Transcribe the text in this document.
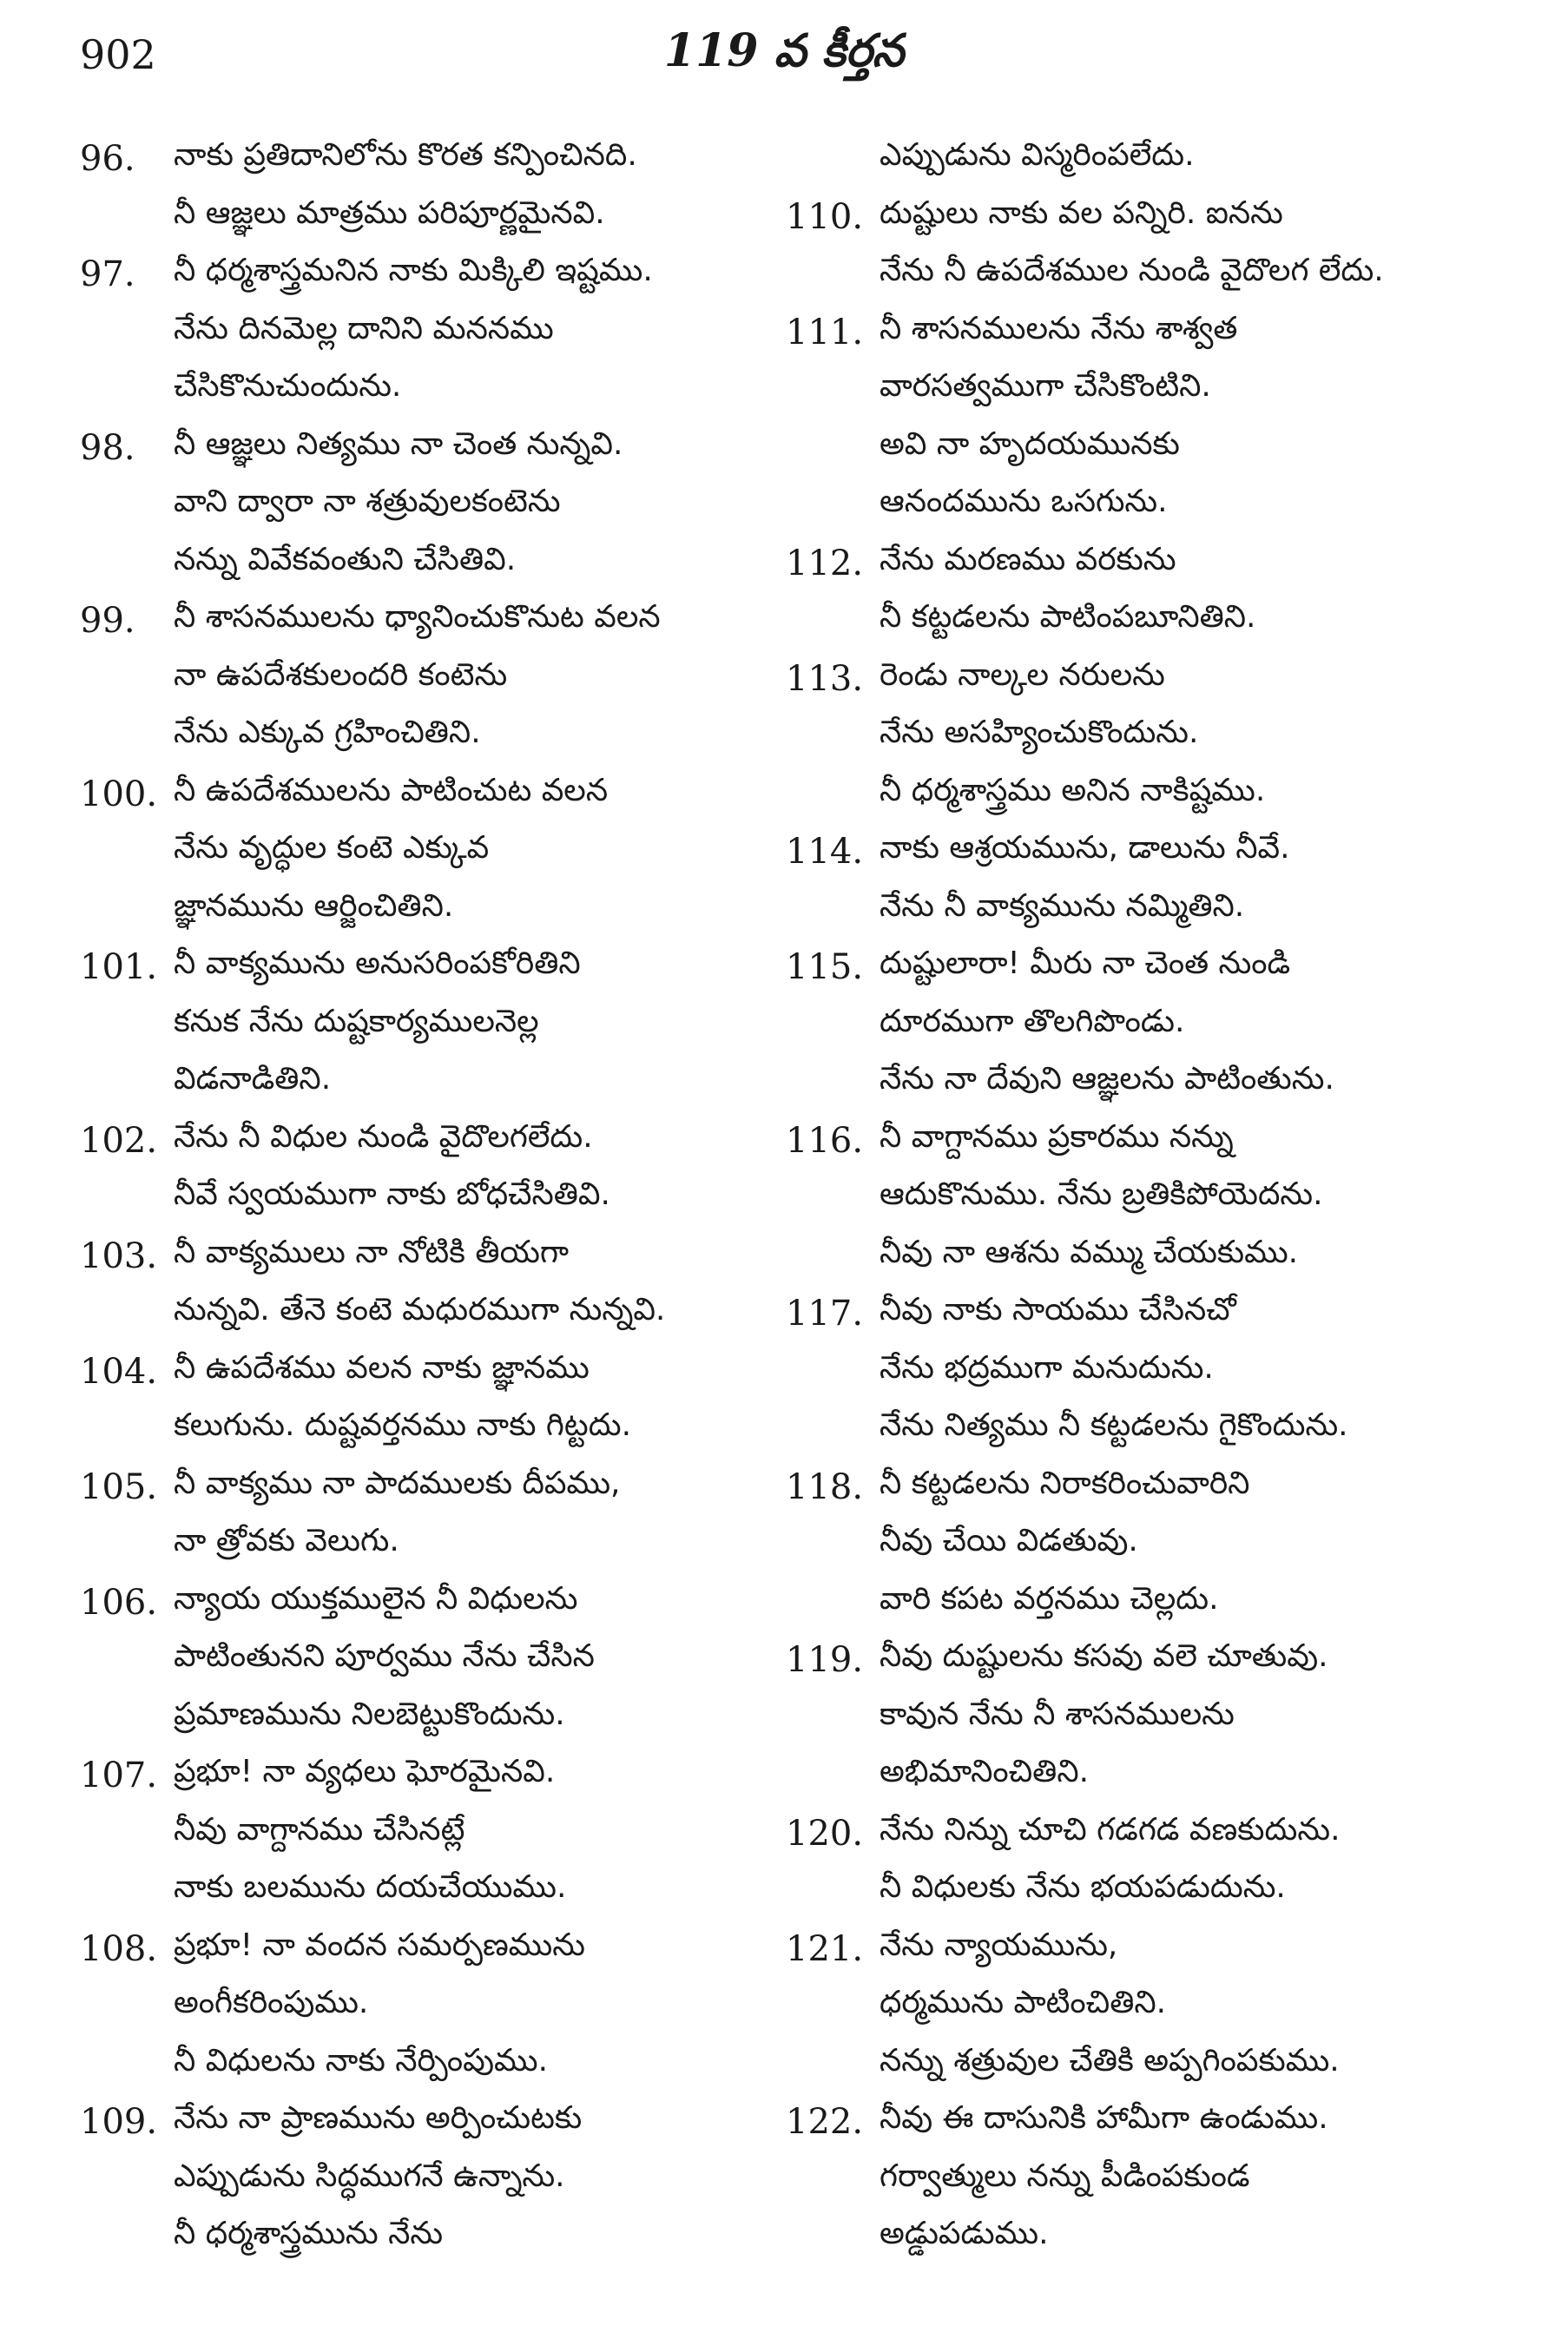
902	119 వ కీర్తన
96.	నాకు ప్రతిదానిలోను కొరత కన్పించినది.
నీ ఆజ్ఞలు మాత్రము పరిపూర్ణమైనవి.
97.	నీ ధర్మశాస్త్రమనిన నాకు మిక్కిలి ఇష్టము.
నేను దినమెల్ల దానిని మననము
చేసికొనుచుందును.
98.	నీ ఆజ్ఞలు నిత్యము నా చెంత నున్నవి.
వాని ద్వారా నా శత్రువులకంటెను
నన్ను వివేకవంతుని చేసితివి.
99.	నీ శాసనములను ధ్యానించుకొనుట వలన
నా ఉపదేశకులందరి కంటెను
నేను ఎక్కువ గ్రహించితిని.
100. నీ ఉపదేశములను పాటించుట వలన
నేను వృద్ధుల కంటె ఎక్కువ
జ్ఞానమును ఆర్జించితిని.
101. నీ వాక్యమును అనుసరింపకోరితిని
కనుక నేను దుష్టకార్యములనెల్ల
విడనాడితిని.
102. నేను నీ విధుల నుండి వైదొలగలేదు.
నీవే స్వయముగా నాకు బోధచేసితివి.
103. నీ వాక్యములు నా నోటికి తీయగా
నున్నవి. తేనె కంటె మధురముగా నున్నవి.
104. నీ ఉపదేశము వలన నాకు జ్ఞానము
కలుగును. దుష్టవర్తనము నాకు గిట్టదు.
105. నీ వాక్యము నా పాదములకు దీపము,
నా త్రోవకు వెలుగు.
106. న్యాయ యుక్తములైన నీ విధులను
పాటింతునని పూర్వము నేను చేసిన
ప్రమాణమును నిలబెట్టుకొందును.
107. ప్రభూ! నా వ్యధలు ఘోరమైనవి.
నీవు వాగ్దానము చేసినట్లే
నాకు బలమును దయచేయుము.
108. ప్రభూ! నా వందన సమర్పణమును
అంగీకరింపుము.
నీ విధులను నాకు నేర్పింపుము.
109. నేను నా ప్రాణమును అర్పించుటకు
ఎప్పుడును సిద్ధముగనే ఉన్నాను.
నీ ధర్మశాస్త్రమును నేను
ఎప్పుడును విస్మరింపలేదు.
110. దుష్టులు నాకు వల పన్నిరి. ఐనను
నేను నీ ఉపదేశముల నుండి వైదొలగ లేదు.
111. నీ శాసనములను నేను శాశ్వత
వారసత్వముగా చేసికొంటిని.
అవి నా హృదయమునకు
ఆనందమును ఒసగును.
112. నేను మరణము వరకును
నీ కట్టడలను పాటింపబూనితిని.
113. రెండు నాల్కల నరులను
నేను అసహ్యించుకొందును.
నీ ధర్మశాస్త్రము అనిన నాకిష్టము.
114. నాకు ఆశ్రయమును, డాలును నీవే.
నేను నీ వాక్యమును నమ్మితిని.
115. దుష్టులారా! మీరు నా చెంత నుండి
దూరముగా తొలగిపొండు.
నేను నా దేవుని ఆజ్ఞలను పాటింతును.
116. నీ వాగ్దానము ప్రకారము నన్ను
ఆదుకొనుము. నేను బ్రతికిపోయెదను.
నీవు నా ఆశను వమ్ము చేయకుము.
117. నీవు నాకు సాయము చేసినచో
నేను భద్రముగా మనుదును.
నేను నిత్యము నీ కట్టడలను గైకొందును.
118. నీ కట్టడలను నిరాకరించువారిని
నీవు చేయి విడతువు.
వారి కపట వర్తనము చెల్లదు.
119. నీవు దుష్టులను కసవు వలె చూతువు.
కావున నేను నీ శాసనములను
అభిమానించితిని.
120. నేను నిన్ను చూచి గడగడ వణకుదును.
నీ విధులకు నేను భయపడుదును.
121. నేను న్యాయమును,
ధర్మమును పాటించితిని.
నన్ను శత్రువుల చేతికి అప్పగింపకుము.
122. నీవు ఈ దాసునికి హామీగా ఉండుము.
గర్వాత్ములు నన్ను పీడింపకుండ
అడ్డుపడుము.
